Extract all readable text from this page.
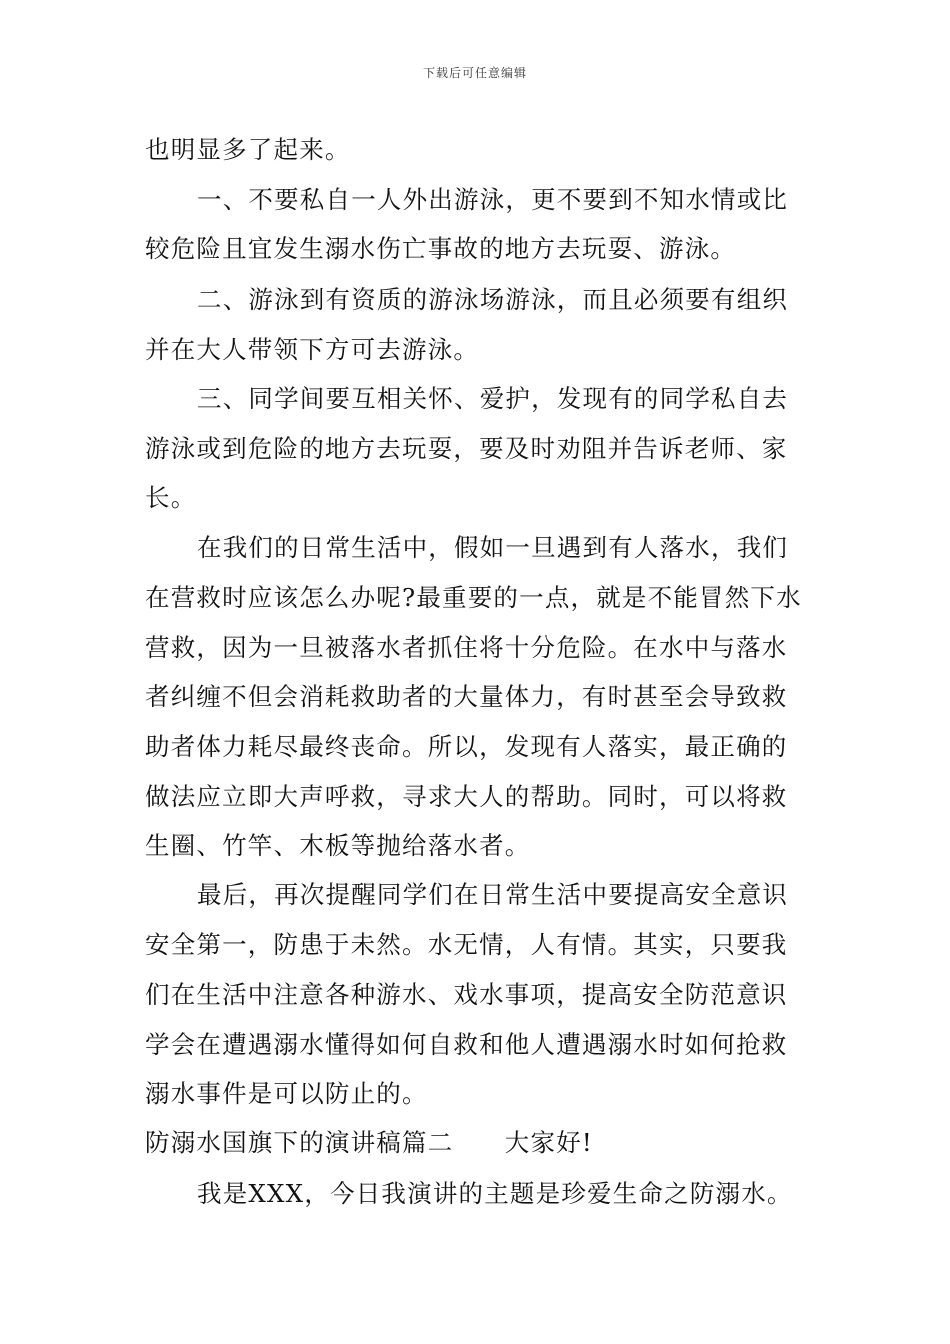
下载后可任意编辑
也明显多了起来。
一、不要私自一人外出游泳，更不要到不知水情或比
较危险且宜发生溺水伤亡事故的地方去玩耍、游泳。
二、游泳到有资质的游泳场游泳，而且必须要有组织
并在大人带领下方可去游泳。
三、同学间要互相关怀、爱护，发现有的同学私自去
游泳或到危险的地方去玩耍，要及时劝阻并告诉老师、家
长。
在我们的日常生活中，假如一旦遇到有人落水，我们
在营救时应该怎么办呢?最重要的一点，就是不能冒然下水
营救，因为一旦被落水者抓住将十分危险。在水中与落水
者纠缠不但会消耗救助者的大量体力，有时甚至会导致救
助者体力耗尽最终丧命。所以，发现有人落实，最正确的
做法应立即大声呼救，寻求大人的帮助。同时，可以将救
生圈、竹竿、木板等抛给落水者。
最后，再次提醒同学们在日常生活中要提高安全意识
安全第一，防患于未然。水无情，人有情。其实，只要我
们在生活中注意各种游水、戏水事项，提高安全防范意识
学会在遭遇溺水懂得如何自救和他人遭遇溺水时如何抢救
溺水事件是可以防止的。
防溺水国旗下的演讲稿篇二　　大家好!
我是XXX，今日我演讲的主题是珍爱生命之防溺水。
